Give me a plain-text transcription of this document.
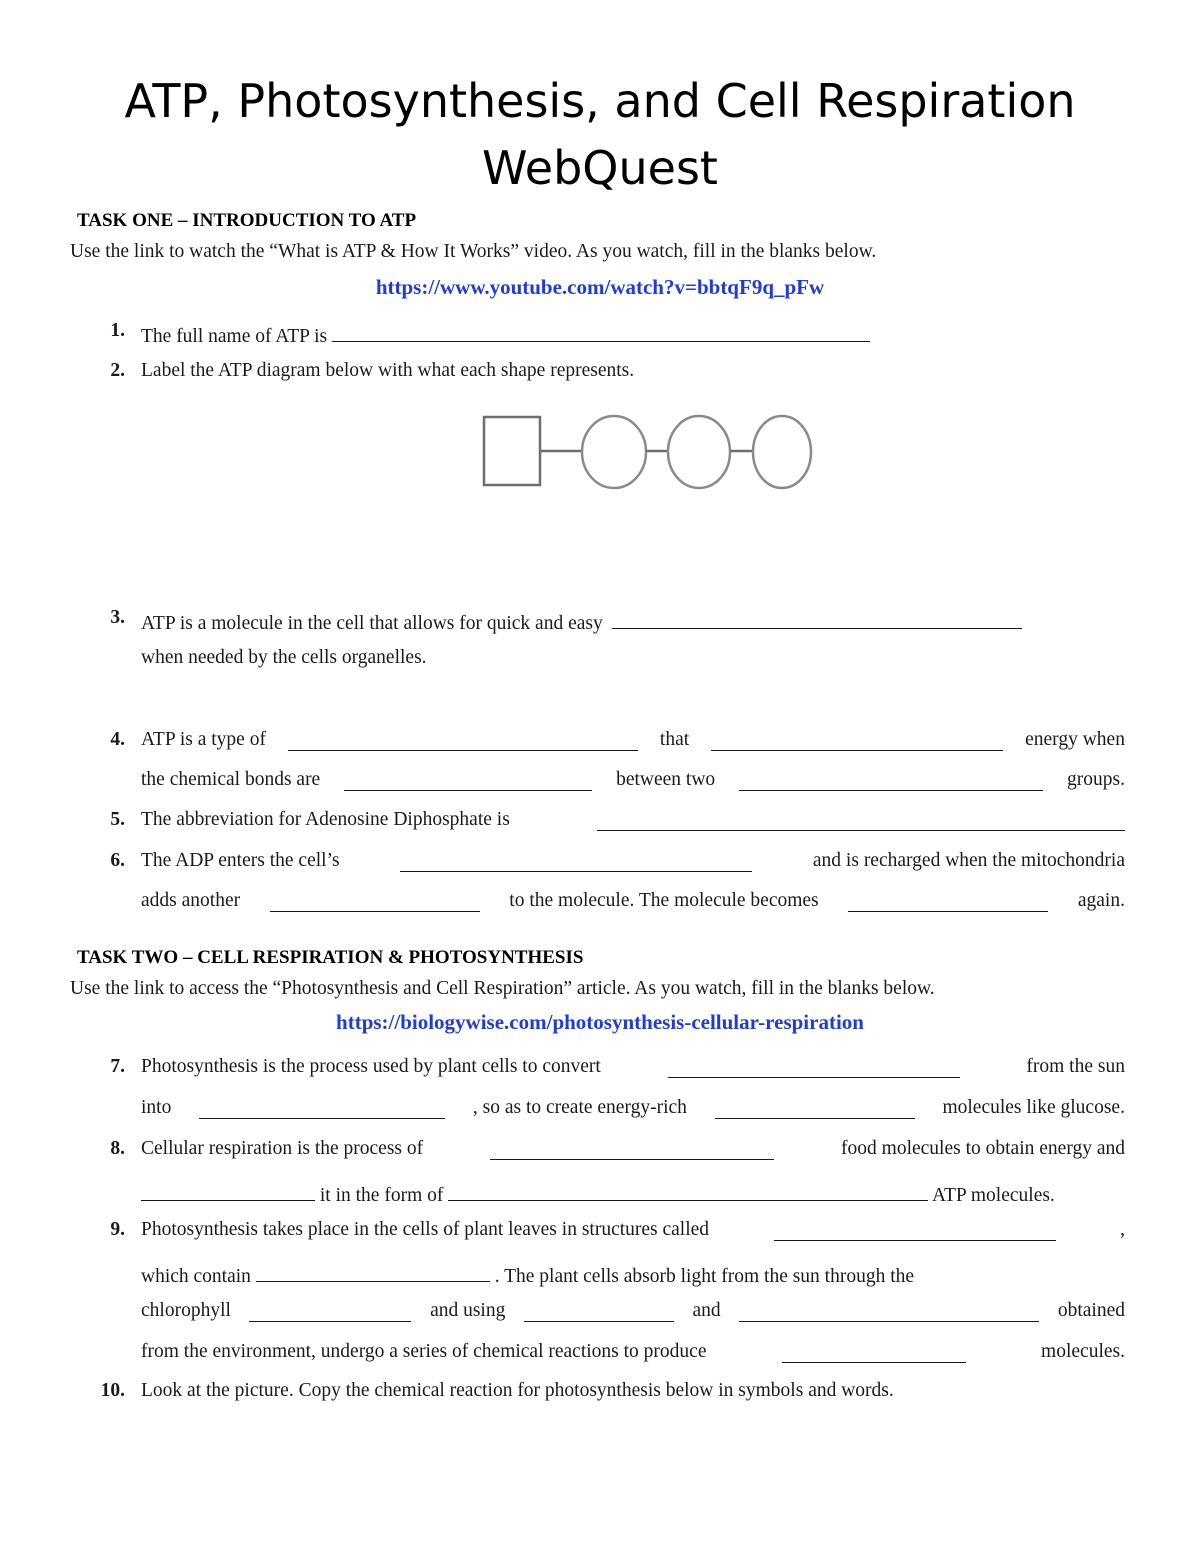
ATP, Photosynthesis, and Cell Respiration
WebQuest
TASK ONE – INTRODUCTION TO ATP
Use the link to watch the “What is ATP & How It Works” video. As you watch, fill in the blanks below.
https://www.youtube.com/watch?v=bbtqF9q_pFw
1. The full name of ATP is
2. Label the ATP diagram below with what each shape represents.
3. ATP is a molecule in the cell that allows for quick and easy
when needed by the cells organelles.
4. ATP is a type of	that	energy when
the chemical bonds are	between two	groups.
5. The abbreviation for Adenosine Diphosphate is
6. The ADP enters the cell’s	and is recharged when the mitochondria
adds another	to the molecule. The molecule becomes	again.
TASK TWO – CELL RESPIRATION & PHOTOSYNTHESIS
Use the link to access the “Photosynthesis and Cell Respiration” article. As you watch, fill in the blanks below.
https://biologywise.com/photosynthesis-cellular-respiration
7. Photosynthesis is the process used by plant cells to convert	from the sun
into	, so as to create energy-rich	molecules like glucose.
8. Cellular respiration is the process of	food molecules to obtain energy and
it in the form of	ATP molecules.
9. Photosynthesis takes place in the cells of plant leaves in structures called	,
which contain	. The plant cells absorb light from the sun through the
chlorophyll	and using	and	obtained
from the environment, undergo a series of chemical reactions to produce	molecules.
10. Look at the picture. Copy the chemical reaction for photosynthesis below in symbols and words.
